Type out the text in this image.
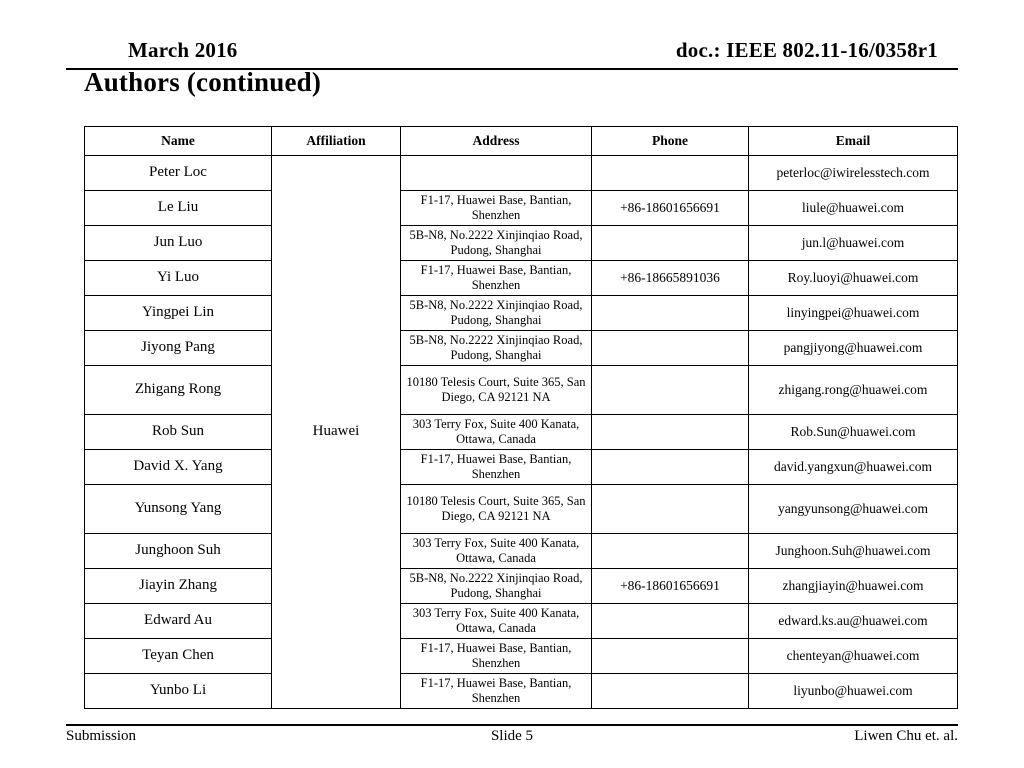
March 2016	doc.: IEEE 802.11-16/0358r1
Authors (continued)
Name	Affiliation	Address	Phone	Email
Peter Loc	Huawei			peterloc@iwirelesstech.com
Le Liu		F1-17, Huawei Base, Bantian, Shenzhen	+86-18601656691	liule@huawei.com
Jun Luo		5B-N8, No.2222 Xinjinqiao Road, Pudong, Shanghai		jun.l@huawei.com
Yi Luo		F1-17, Huawei Base, Bantian, Shenzhen	+86-18665891036	Roy.luoyi@huawei.com
Yingpei Lin		5B-N8, No.2222 Xinjinqiao Road, Pudong, Shanghai		linyingpei@huawei.com
Jiyong Pang		5B-N8, No.2222 Xinjinqiao Road, Pudong, Shanghai		pangjiyong@huawei.com
Zhigang Rong		10180 Telesis Court, Suite 365, San Diego, CA 92121 NA		zhigang.rong@huawei.com
Rob Sun		303 Terry Fox, Suite 400 Kanata, Ottawa, Canada		Rob.Sun@huawei.com
David X. Yang		F1-17, Huawei Base, Bantian, Shenzhen		david.yangxun@huawei.com
Yunsong Yang		10180 Telesis Court, Suite 365, San Diego, CA 92121 NA		yangyunsong@huawei.com
Junghoon Suh		303 Terry Fox, Suite 400 Kanata, Ottawa, Canada		Junghoon.Suh@huawei.com
Jiayin Zhang		5B-N8, No.2222 Xinjinqiao Road, Pudong, Shanghai	+86-18601656691	zhangjiayin@huawei.com
Edward Au		303 Terry Fox, Suite 400 Kanata, Ottawa, Canada		edward.ks.au@huawei.com
Teyan Chen		F1-17, Huawei Base, Bantian, Shenzhen		chenteyan@huawei.com
Yunbo Li		F1-17, Huawei Base, Bantian, Shenzhen		liyunbo@huawei.com
Submission	Slide 5	Liwen Chu et. al.
